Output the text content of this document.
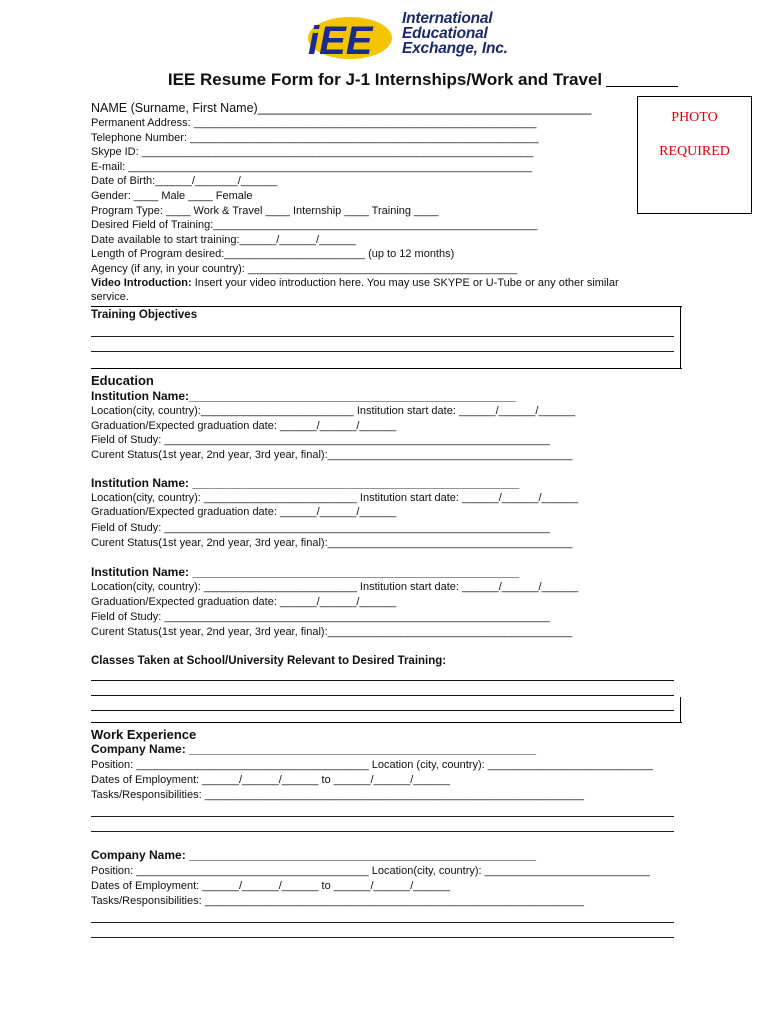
iEE
International
Educational
Exchange, Inc.
IEE Resume Form for J-1 Internships/Work and Travel
PHOTO
REQUIRED
NAME (Surname, First Name)________________________________________________
Permanent Address: ________________________________________________________
Telephone Number: _________________________________________________________
Skype ID: ________________________________________________________________
E-mail: __________________________________________________________________
Date of Birth:______/_______/______
Gender: ____ Male ____ Female
Program Type: ____ Work & Travel ____ Internship ____ Training ____
Desired Field of Training:_____________________________________________________
Date available to start training:______/______/______
Length of Program desired:_______________________ (up to 12 months)
Agency (if any, in your country): ____________________________________________
Video Introduction: Insert your video introduction here. You may use SKYPE or U-Tube or any other similar
service.
Training Objectives
Education
Institution Name:_________________________________________________
Location(city, country):_________________________ Institution start date: ______/______/______
Graduation/Expected graduation date: ______/______/______
Field of Study: _______________________________________________________________
Curent Status(1st year, 2nd year, 3rd year, final):________________________________________
Institution Name: _________________________________________________
Location(city, country): _________________________ Institution start date: ______/______/______
Graduation/Expected graduation date: ______/______/______
Field of Study: _______________________________________________________________
Curent Status(1st year, 2nd year, 3rd year, final):________________________________________
Institution Name: _________________________________________________
Location(city, country): _________________________ Institution start date: ______/______/______
Graduation/Expected graduation date: ______/______/______
Field of Study: _______________________________________________________________
Curent Status(1st year, 2nd year, 3rd year, final):________________________________________
Classes Taken at School/University Relevant to Desired Training:
Work Experience
Company Name: ____________________________________________________
Position: ______________________________________ Location (city, country): ___________________________
Dates of Employment: ______/______/______ to ______/______/______
Tasks/Responsibilities: ______________________________________________________________
Company Name: ____________________________________________________
Position: ______________________________________ Location(city, country): ___________________________
Dates of Employment: ______/______/______ to ______/______/______
Tasks/Responsibilities: ______________________________________________________________
